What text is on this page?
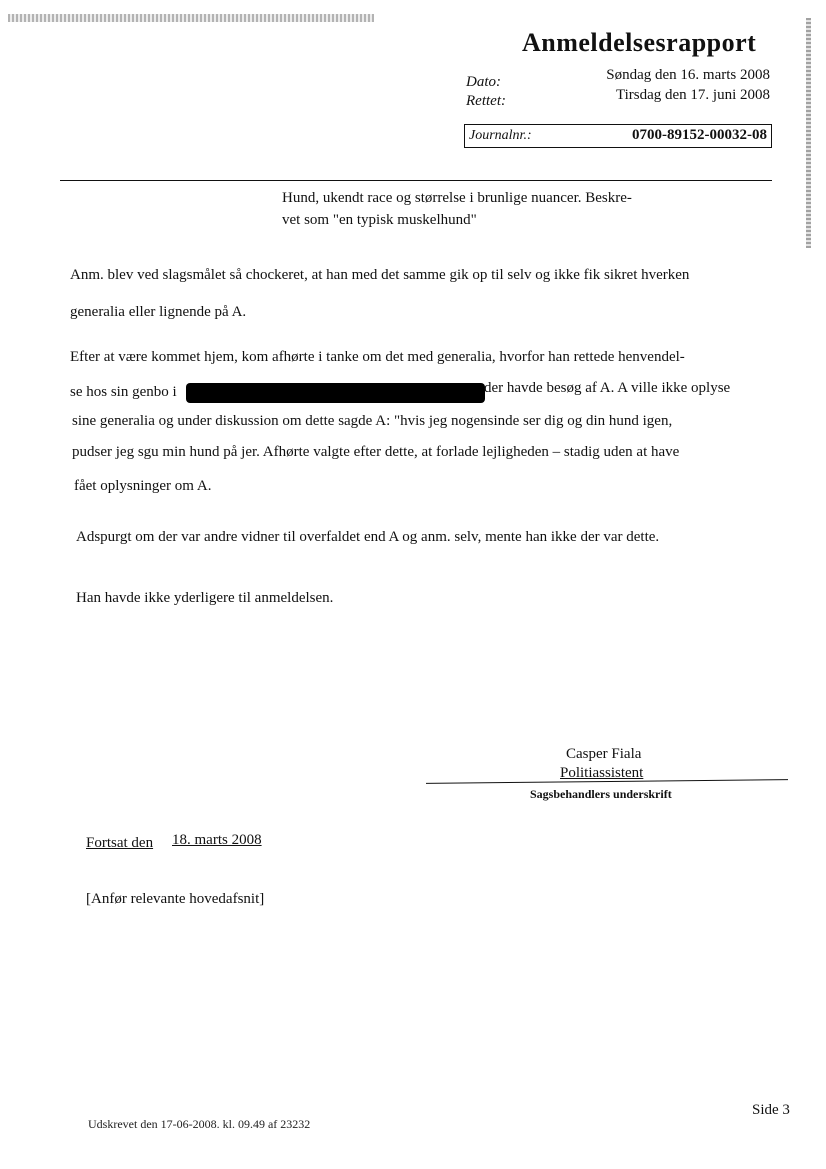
Anmeldelsesrapport
Dato:	Søndag den 16. marts 2008
Rettet:	Tirsdag den 17. juni 2008
Journalnr.:	0700-89152-00032-08
Hund, ukendt race og størrelse i brunlige nuancer. Beskre-
vet som "en typisk muskelhund"
Anm. blev ved slagsmålet så chockeret, at han med det samme gik op til selv og ikke fik sikret hverken
generalia eller lignende på A.
Efter at være kommet hjem, kom afhørte i tanke om det med generalia, hvorfor han rettede henvendel-
se hos sin genbo i	der havde besøg af A. A ville ikke oplyse
sine generalia og under diskussion om dette sagde A: "hvis jeg nogensinde ser dig og din hund igen,
pudser jeg sgu min hund på jer. Afhørte valgte efter dette, at forlade lejligheden – stadig uden at have
fået oplysninger om A.
Adspurgt om der var andre vidner til overfaldet end A og anm. selv, mente han ikke der var dette.
Han havde ikke yderligere til anmeldelsen.
Casper Fiala
Politiassistent
Sagsbehandlers underskrift
Fortsat den 18. marts 2008
[Anfør relevante hovedafsnit]
Udskrevet den 17-06-2008. kl. 09.49 af 23232
Side 3
